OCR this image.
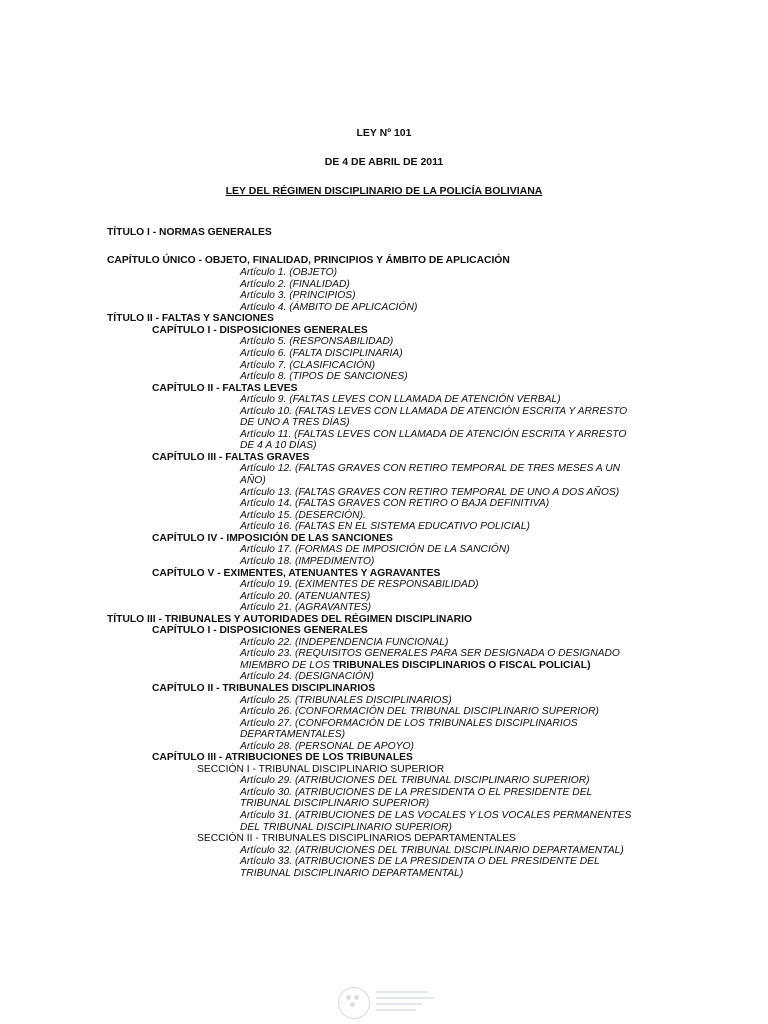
LEY Nº 101
DE 4 DE ABRIL DE 2011
LEY DEL RÉGIMEN DISCIPLINARIO DE LA POLICÍA BOLIVIANA
TÍTULO I - NORMAS GENERALES
CAPÍTULO ÚNICO - OBJETO, FINALIDAD, PRINCIPIOS Y ÁMBITO DE APLICACIÓN
Artículo 1. (OBJETO)
Artículo 2. (FINALIDAD)
Artículo 3. (PRINCIPIOS)
Artículo 4. (ÁMBITO DE APLICACIÓN)
TÍTULO II - FALTAS Y SANCIONES
CAPÍTULO I - DISPOSICIONES GENERALES
Artículo 5. (RESPONSABILIDAD)
Artículo 6. (FALTA DISCIPLINARIA)
Artículo 7. (CLASIFICACIÓN)
Artículo 8. (TIPOS DE SANCIONES)
CAPÍTULO II - FALTAS LEVES
Artículo 9. (FALTAS LEVES CON LLAMADA DE ATENCIÓN VERBAL)
Artículo 10. (FALTAS LEVES CON LLAMADA DE ATENCIÓN ESCRITA Y ARRESTO
DE UNO A TRES DÍAS)
Artículo 11. (FALTAS LEVES CON LLAMADA DE ATENCIÓN ESCRITA Y ARRESTO
DE 4 A 10 DÍAS)
CAPÍTULO III - FALTAS GRAVES
Artículo 12. (FALTAS GRAVES CON RETIRO TEMPORAL DE TRES MESES A UN
AÑO)
Artículo 13. (FALTAS GRAVES CON RETIRO TEMPORAL DE UNO A DOS AÑOS)
Artículo 14. (FALTAS GRAVES CON RETIRO O BAJA DEFINITIVA)
Artículo 15. (DESERCIÓN).
Artículo 16. (FALTAS EN EL SISTEMA EDUCATIVO POLICIAL)
CAPÍTULO IV - IMPOSICIÓN DE LAS SANCIONES
Artículo 17. (FORMAS DE IMPOSICIÓN DE LA SANCIÓN)
Artículo 18. (IMPEDIMENTO)
CAPÍTULO V - EXIMENTES, ATENUANTES Y AGRAVANTES
Artículo 19. (EXIMENTES DE RESPONSABILIDAD)
Artículo 20. (ATENUANTES)
Artículo 21. (AGRAVANTES)
TÍTULO III - TRIBUNALES Y AUTORIDADES DEL RÉGIMEN DISCIPLINARIO
CAPÍTULO I - DISPOSICIONES GENERALES
Artículo 22. (INDEPENDENCIA FUNCIONAL)
Artículo 23. (REQUISITOS GENERALES PARA SER DESIGNADA O DESIGNADO
MIEMBRO DE LOS TRIBUNALES DISCIPLINARIOS O FISCAL POLICIAL)
Artículo 24. (DESIGNACIÓN)
CAPÍTULO II - TRIBUNALES DISCIPLINARIOS
Artículo 25. (TRIBUNALES DISCIPLINARIOS)
Artículo 26. (CONFORMACIÓN DEL TRIBUNAL DISCIPLINARIO SUPERIOR)
Artículo 27. (CONFORMACIÓN DE LOS TRIBUNALES DISCIPLINARIOS
DEPARTAMENTALES)
Artículo 28. (PERSONAL DE APOYO)
CAPÍTULO III - ATRIBUCIONES DE LOS TRIBUNALES
SECCIÓN I - TRIBUNAL DISCIPLINARIO SUPERIOR
Artículo 29. (ATRIBUCIONES DEL TRIBUNAL DISCIPLINARIO SUPERIOR)
Artículo 30. (ATRIBUCIONES DE LA PRESIDENTA O EL PRESIDENTE DEL
TRIBUNAL DISCIPLINARIO SUPERIOR)
Artículo 31. (ATRIBUCIONES DE LAS VOCALES Y LOS VOCALES PERMANENTES
DEL TRIBUNAL DISCIPLINARIO SUPERIOR)
SECCIÓN II - TRIBUNALES DISCIPLINARIOS DEPARTAMENTALES
Artículo 32. (ATRIBUCIONES DEL TRIBUNAL DISCIPLINARIO DEPARTAMENTAL)
Artículo 33. (ATRIBUCIONES DE LA PRESIDENTA O DEL PRESIDENTE DEL
TRIBUNAL DISCIPLINARIO DEPARTAMENTAL)
